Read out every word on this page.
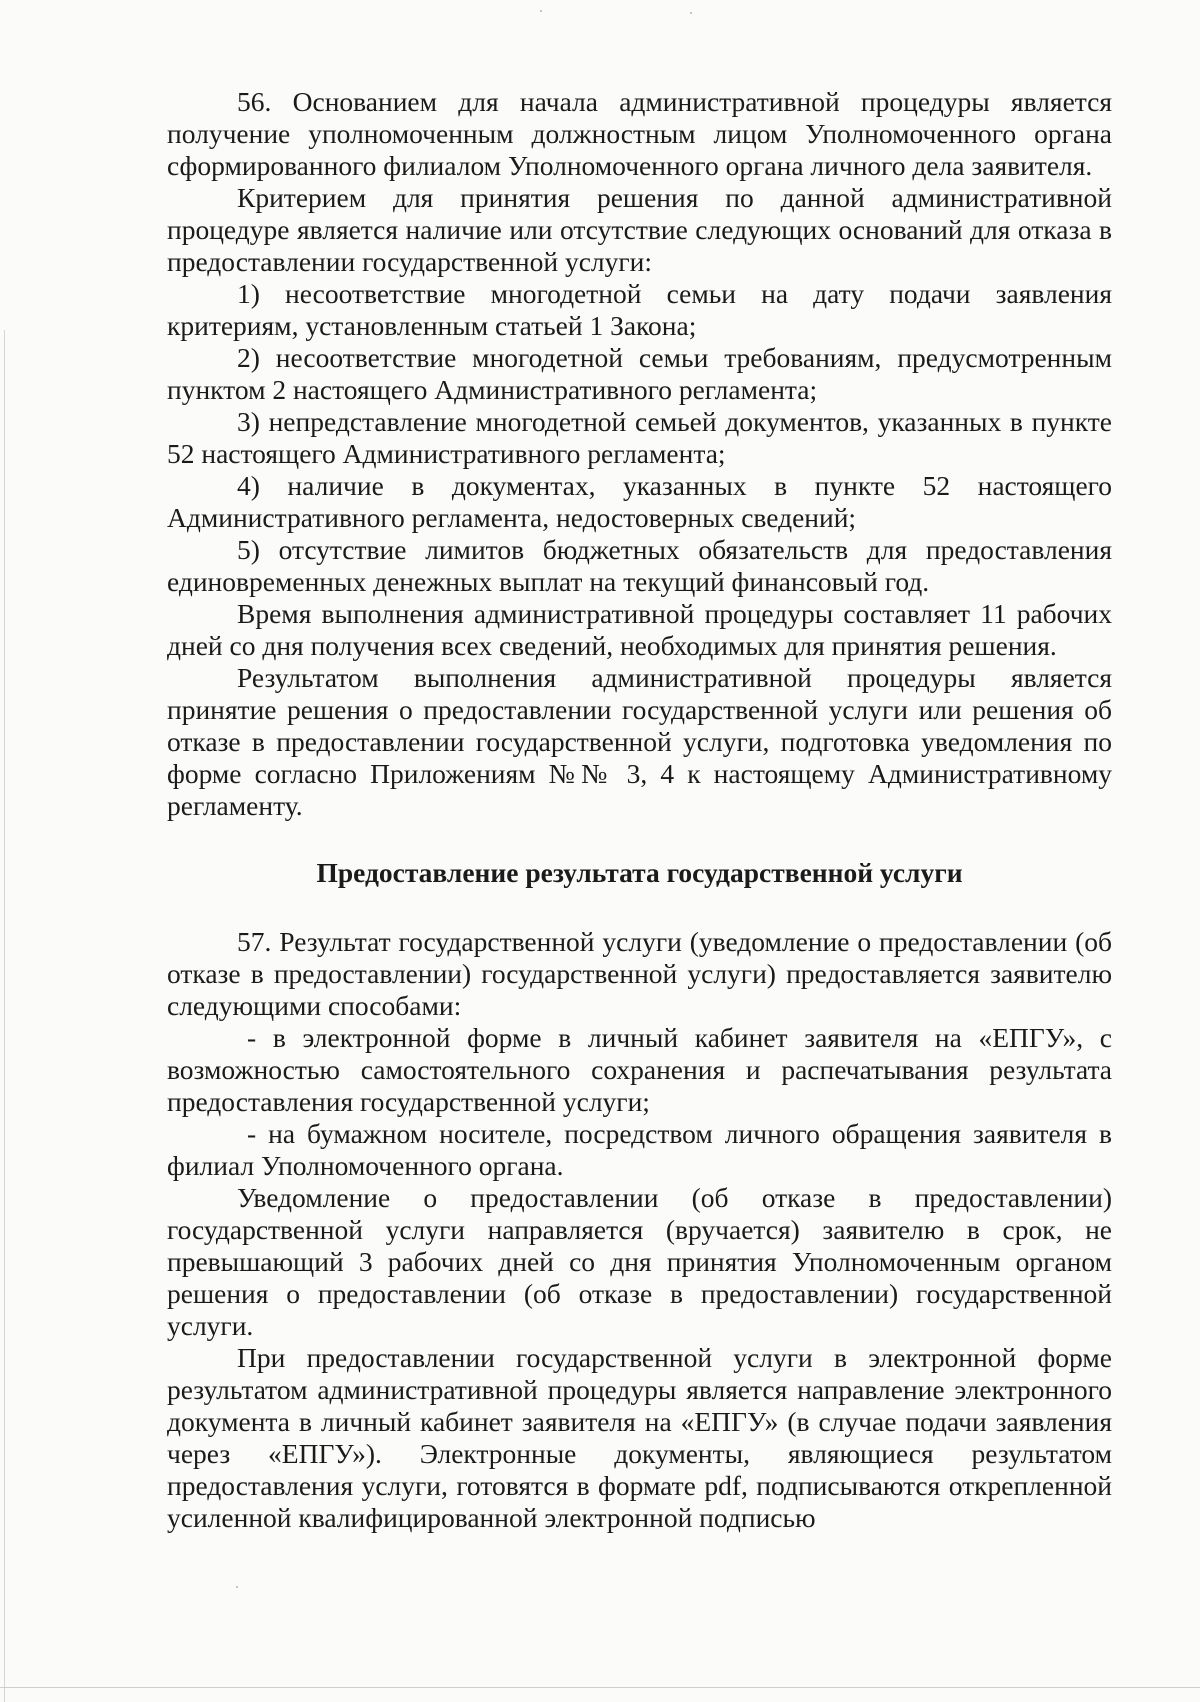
56. Основанием для начала административной процедуры является получение уполномоченным должностным лицом Уполномоченного органа сформированного филиалом Уполномоченного органа личного дела заявителя.

Критерием для принятия решения по данной административной процедуре является наличие или отсутствие следующих оснований для отказа в предоставлении государственной услуги:

1) несоответствие многодетной семьи на дату подачи заявления критериям, установленным статьей 1 Закона;

2) несоответствие многодетной семьи требованиям, предусмотренным пунктом 2 настоящего Административного регламента;

3) непредставление многодетной семьей документов, указанных в пункте 52 настоящего Административного регламента;

4) наличие в документах, указанных в пункте 52 настоящего Административного регламента, недостоверных сведений;

5) отсутствие лимитов бюджетных обязательств для предоставления единовременных денежных выплат на текущий финансовый год.

Время выполнения административной процедуры составляет 11 рабочих дней со дня получения всех сведений, необходимых для принятия решения.

Результатом выполнения административной процедуры является принятие решения о предоставлении государственной услуги или решения об отказе в предоставлении государственной услуги, подготовка уведомления по форме согласно Приложениям №№ 3, 4 к настоящему Административному регламенту.

Предоставление результата государственной услуги

57. Результат государственной услуги (уведомление о предоставлении (об отказе в предоставлении) государственной услуги) предоставляется заявителю следующими способами:

- в электронной форме в личный кабинет заявителя на «ЕПГУ», с возможностью самостоятельного сохранения и распечатывания результата предоставления государственной услуги;

- на бумажном носителе, посредством личного обращения заявителя в филиал Уполномоченного органа.

Уведомление о предоставлении (об отказе в предоставлении) государственной услуги направляется (вручается) заявителю в срок, не превышающий 3 рабочих дней со дня принятия Уполномоченным органом решения о предоставлении (об отказе в предоставлении) государственной услуги.

При предоставлении государственной услуги в электронной форме результатом административной процедуры является направление электронного документа в личный кабинет заявителя на «ЕПГУ» (в случае подачи заявления через «ЕПГУ»). Электронные документы, являющиеся результатом предоставления услуги, готовятся в формате pdf, подписываются открепленной усиленной квалифицированной электронной подписью
